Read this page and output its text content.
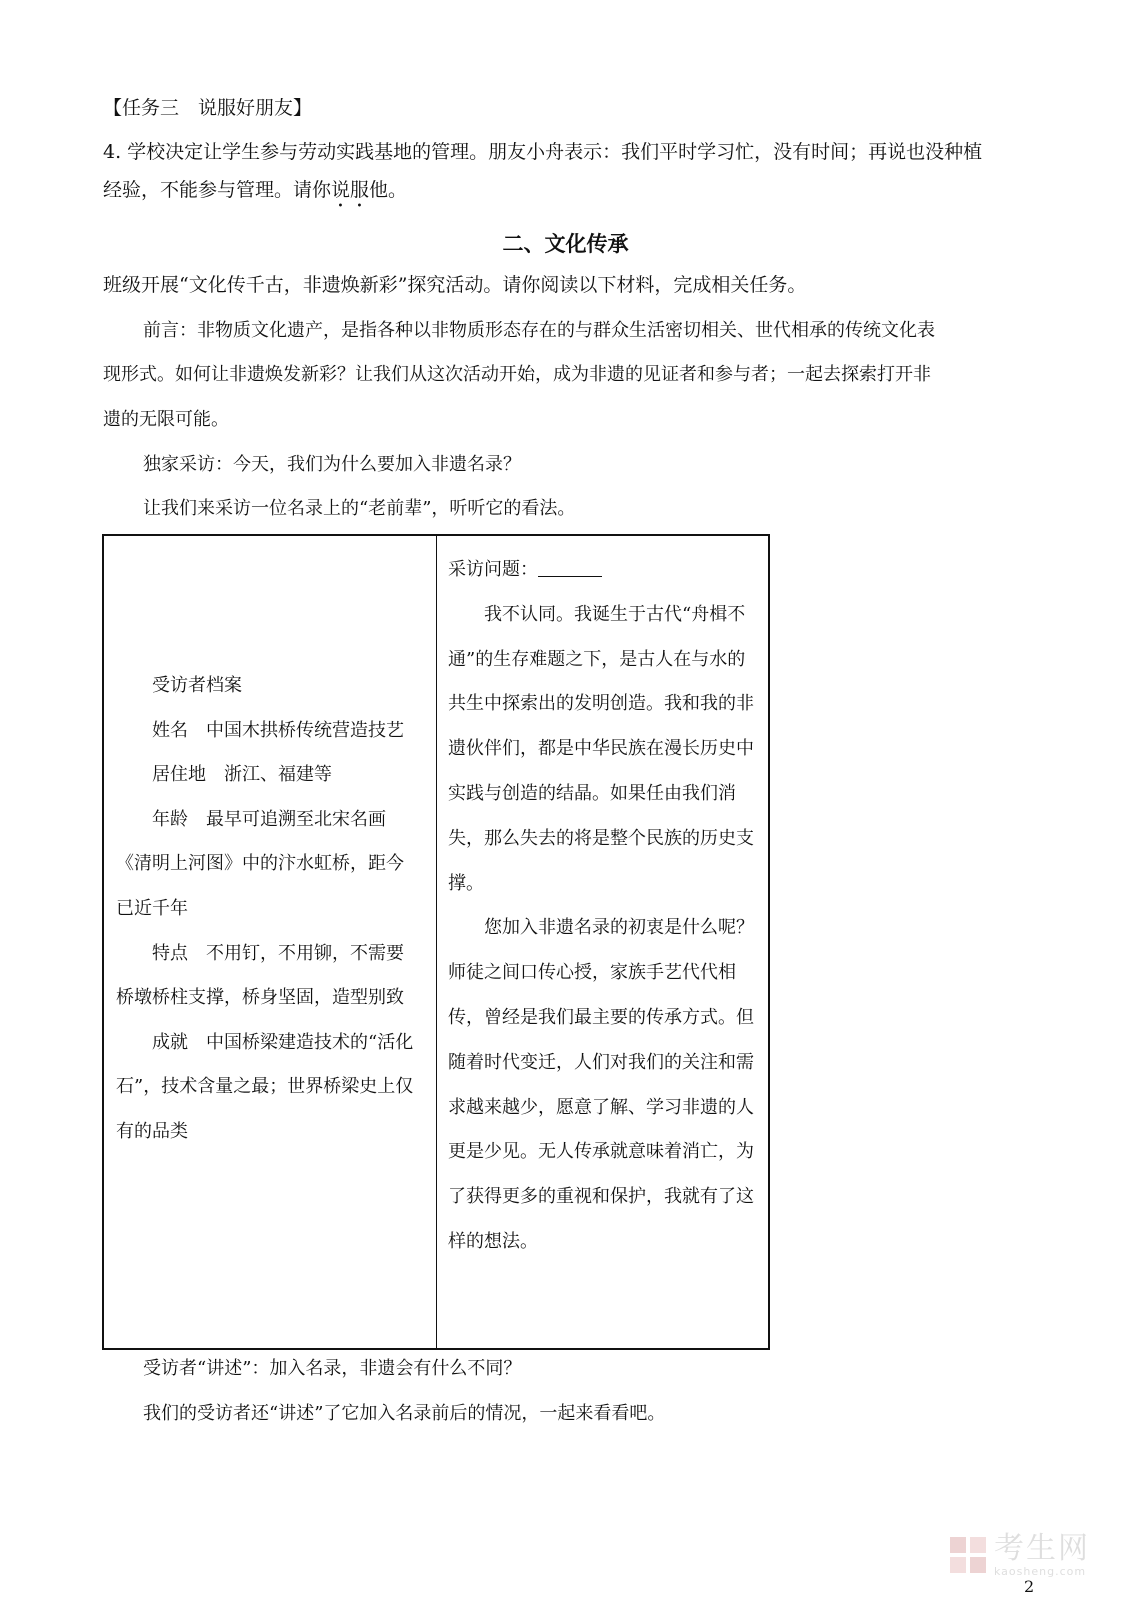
【任务三　说服好朋友】
4. 学校决定让学生参与劳动实践基地的管理。朋友小舟表示：我们平时学习忙，没有时间；再说也没种植
经验，不能参与管理。请你说服他。
二、文化传承
班级开展“文化传千古，非遗焕新彩”探究活动。请你阅读以下材料，完成相关任务。
前言：非物质文化遗产，是指各种以非物质形态存在的与群众生活密切相关、世代相承的传统文化表
现形式。如何让非遗焕发新彩？让我们从这次活动开始，成为非遗的见证者和参与者；一起去探索打开非
遗的无限可能。
独家采访：今天，我们为什么要加入非遗名录？
让我们来采访一位名录上的“老前辈”，听听它的看法。

受访者档案

姓名　中国木拱桥传统营造技艺

居住地　浙江、福建等

年龄　最早可追溯至北宋名画《清明上河图》中的汴水虹桥，距今已近千年

特点　不用钉，不用铆，不需要桥墩桥柱支撑，桥身坚固，造型别致

成就　中国桥梁建造技术的“活化石”，技术含量之最；世界桥梁史上仅有的品类

采访问题：

我不认同。我诞生于古代“舟楫不通”的生存难题之下，是古人在与水的共生中探索出的发明创造。我和我的非遗伙伴们，都是中华民族在漫长历史中实践与创造的结晶。如果任由我们消失，那么失去的将是整个民族的历史支撑。

您加入非遗名录的初衷是什么呢？

师徒之间口传心授，家族手艺代代相传，曾经是我们最主要的传承方式。但随着时代变迁，人们对我们的关注和需求越来越少，愿意了解、学习非遗的人更是少见。无人传承就意味着消亡，为了获得更多的重视和保护，我就有了这样的想法。

受访者“讲述”：加入名录，非遗会有什么不同？
我们的受访者还“讲述”了它加入名录前后的情况，一起来看看吧。
考生网
kaosheng.com
2
